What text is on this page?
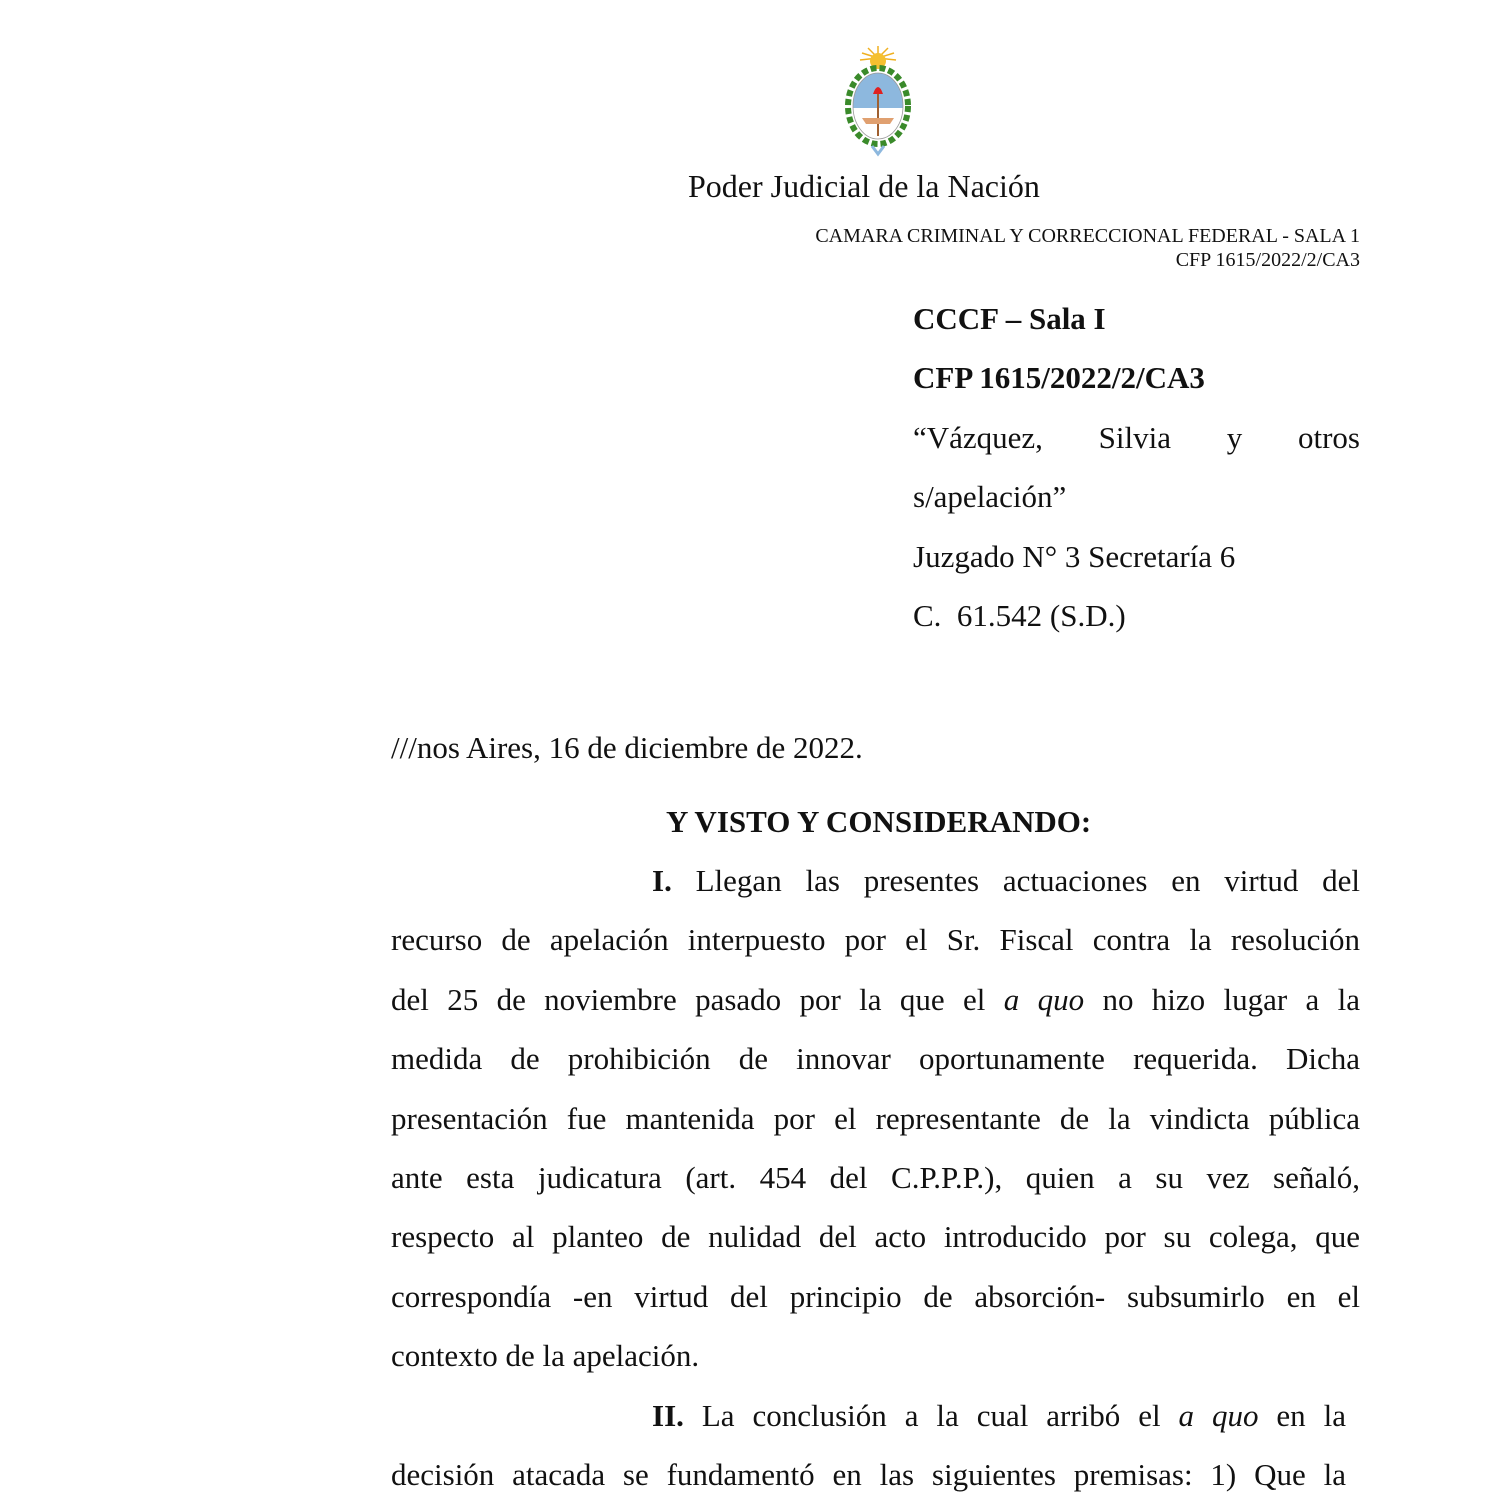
Poder Judicial de la Nación
CAMARA CRIMINAL Y CORRECCIONAL FEDERAL - SALA 1
CFP 1615/2022/2/CA3
CCCF – Sala I
CFP 1615/2022/2/CA3
“Vázquez, Silvia y otros
s/apelación”
Juzgado N° 3 Secretaría 6
C.  61.542 (S.D.)
///nos Aires, 16 de diciembre de 2022.
Y VISTO Y CONSIDERANDO:
I. Llegan las presentes actuaciones en virtud del
recurso de apelación interpuesto por el Sr. Fiscal contra la resolución
del 25 de noviembre pasado por la que el a quo no hizo lugar a la
medida de prohibición de innovar oportunamente requerida. Dicha
presentación fue mantenida por el representante de la vindicta pública
ante esta judicatura (art. 454 del C.P.P.P.), quien a su vez señaló,
respecto al planteo de nulidad del acto introducido por su colega, que
correspondía -en virtud del principio de absorción- subsumirlo en el
contexto de la apelación.
II. La conclusión a la cual arribó el a quo en la
decisión atacada se fundamentó en las siguientes premisas: 1) Que la
